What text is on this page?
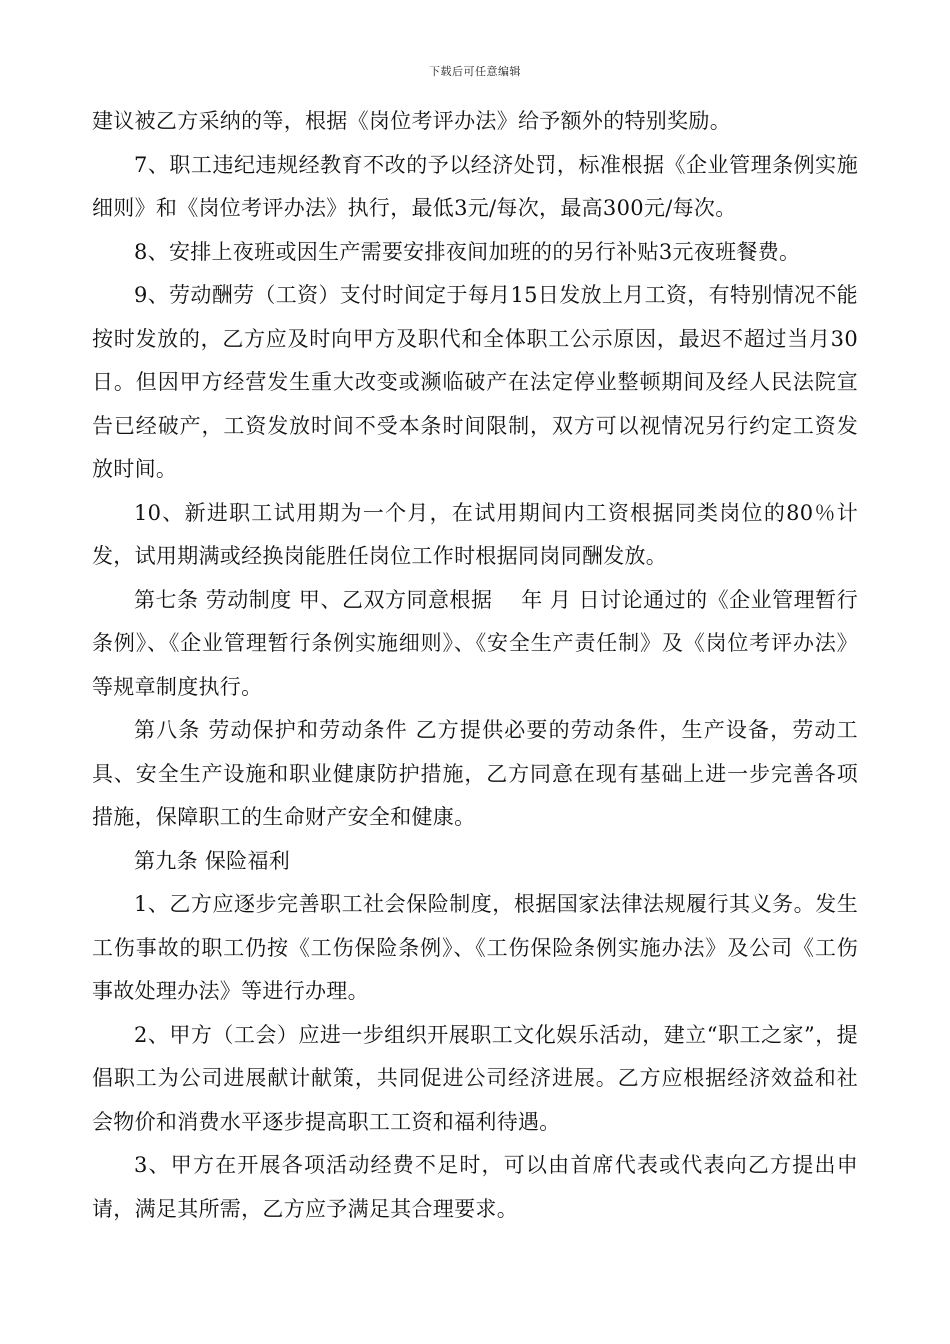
下载后可任意编辑

建议被乙方采纳的等，根据《岗位考评办法》给予额外的特别奖励。

7、职工违纪违规经教育不改的予以经济处罚，标准根据《企业管理条例实施细则》和《岗位考评办法》执行，最低3元/每次，最高300元/每次。

8、安排上夜班或因生产需要安排夜间加班的的另行补贴3元夜班餐费。

9、劳动酬劳（工资）支付时间定于每月15日发放上月工资，有特别情况不能按时发放的，乙方应及时向甲方及职代和全体职工公示原因，最迟不超过当月30日。但因甲方经营发生重大改变或濒临破产在法定停业整顿期间及经人民法院宣告已经破产，工资发放时间不受本条时间限制，双方可以视情况另行约定工资发放时间。

10、新进职工试用期为一个月，在试用期间内工资根据同类岗位的80％计发，试用期满或经换岗能胜任岗位工作时根据同岗同酬发放。

第七条 劳动制度 甲、乙双方同意根据　 年 月 日讨论通过的《企业管理暂行条例》、《企业管理暂行条例实施细则》、《安全生产责任制》及《岗位考评办法》等规章制度执行。

第八条 劳动保护和劳动条件 乙方提供必要的劳动条件，生产设备，劳动工具、安全生产设施和职业健康防护措施，乙方同意在现有基础上进一步完善各项措施，保障职工的生命财产安全和健康。

第九条 保险福利

1、乙方应逐步完善职工社会保险制度，根据国家法律法规履行其义务。发生工伤事故的职工仍按《工伤保险条例》、《工伤保险条例实施办法》及公司《工伤事故处理办法》等进行办理。

2、甲方（工会）应进一步组织开展职工文化娱乐活动，建立“职工之家”，提倡职工为公司进展献计献策，共同促进公司经济进展。乙方应根据经济效益和社会物价和消费水平逐步提高职工工资和福利待遇。

3、甲方在开展各项活动经费不足时，可以由首席代表或代表向乙方提出申请，满足其所需，乙方应予满足其合理要求。
